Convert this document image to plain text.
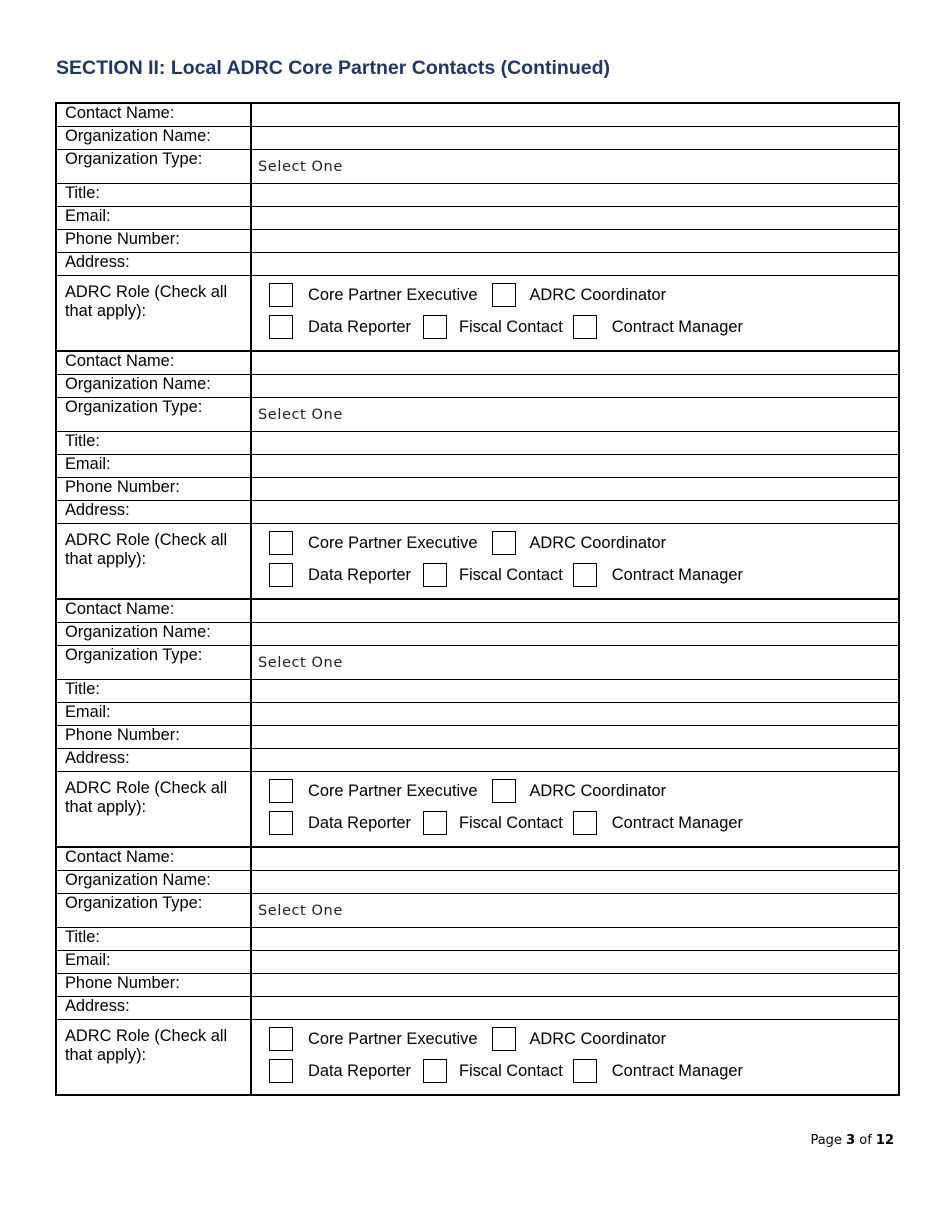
SECTION II: Local ADRC Core Partner Contacts (Continued)
Contact Name:	

Organization Name:	

Organization Type:	Select One
Title:	

Email:	

Phone Number:	

Address:	

ADRC Role (Check all that apply):	Core Partner Executive ADRC Coordinator
Data Reporter Fiscal Contact Contract Manager

Contact Name:	

Organization Name:	

Organization Type:	Select One
Title:	

Email:	

Phone Number:	

Address:	

ADRC Role (Check all that apply):	Core Partner Executive ADRC Coordinator
Data Reporter Fiscal Contact Contract Manager

Contact Name:	

Organization Name:	

Organization Type:	Select One
Title:	

Email:	

Phone Number:	

Address:	

ADRC Role (Check all that apply):	Core Partner Executive ADRC Coordinator
Data Reporter Fiscal Contact Contract Manager

Contact Name:	

Organization Name:	

Organization Type:	Select One
Title:	

Email:	

Phone Number:	

Address:	

ADRC Role (Check all that apply):	Core Partner Executive ADRC Coordinator
Data Reporter Fiscal Contact Contract Manager
Page 3 of 12
